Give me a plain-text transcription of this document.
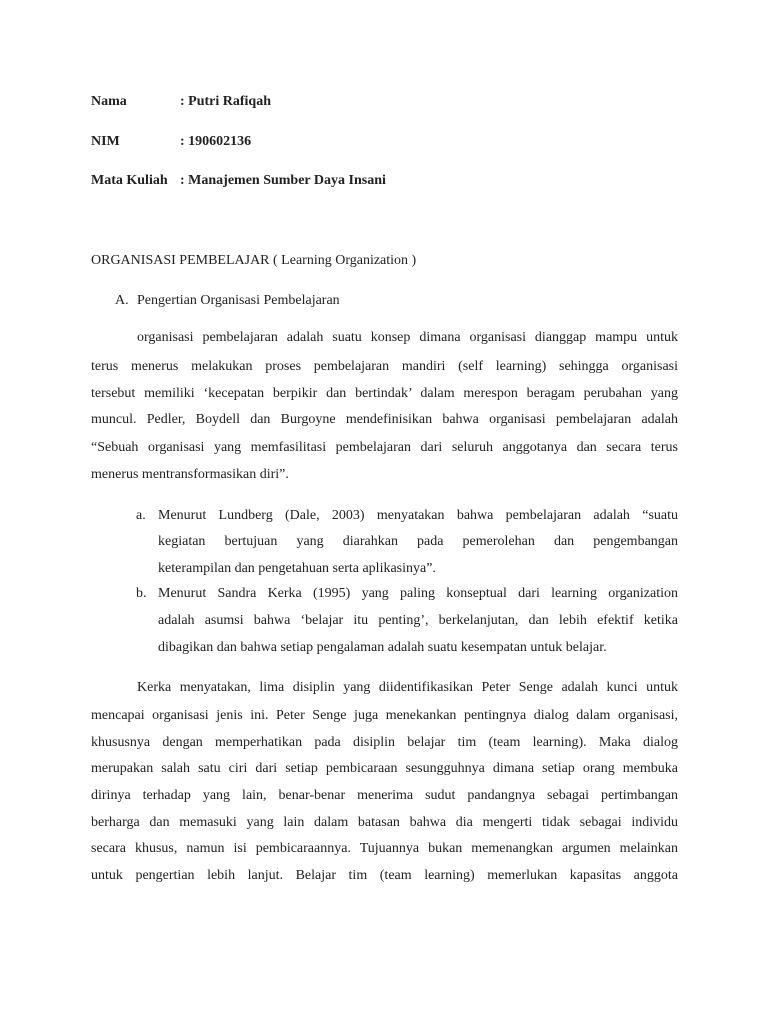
Nama	: Putri Rafiqah
NIM	: 190602136
Mata Kuliah : Manajemen Sumber Daya Insani
ORGANISASI PEMBELAJAR ( Learning Organization )
A. Pengertian Organisasi Pembelajaran
organisasi pembelajaran adalah suatu konsep dimana organisasi dianggap mampu untuk
terus menerus melakukan proses pembelajaran mandiri (self learning) sehingga organisasi
tersebut memiliki ‘kecepatan berpikir dan bertindak’ dalam merespon beragam perubahan yang
muncul. Pedler, Boydell dan Burgoyne mendefinisikan bahwa organisasi pembelajaran adalah
“Sebuah organisasi yang memfasilitasi pembelajaran dari seluruh anggotanya dan secara terus
menerus mentransformasikan diri”.
a. Menurut Lundberg (Dale, 2003) menyatakan bahwa pembelajaran adalah “suatu
kegiatan bertujuan yang diarahkan pada pemerolehan dan pengembangan
keterampilan dan pengetahuan serta aplikasinya”.
b. Menurut Sandra Kerka (1995) yang paling konseptual dari learning organization
adalah asumsi bahwa ‘belajar itu penting’, berkelanjutan, dan lebih efektif ketika
dibagikan dan bahwa setiap pengalaman adalah suatu kesempatan untuk belajar.
Kerka menyatakan, lima disiplin yang diidentifikasikan Peter Senge adalah kunci untuk
mencapai organisasi jenis ini. Peter Senge juga menekankan pentingnya dialog dalam organisasi,
khususnya dengan memperhatikan pada disiplin belajar tim (team learning). Maka dialog
merupakan salah satu ciri dari setiap pembicaraan sesungguhnya dimana setiap orang membuka
dirinya terhadap yang lain, benar-benar menerima sudut pandangnya sebagai pertimbangan
berharga dan memasuki yang lain dalam batasan bahwa dia mengerti tidak sebagai individu
secara khusus, namun isi pembicaraannya. Tujuannya bukan memenangkan argumen melainkan
untuk pengertian lebih lanjut. Belajar tim (team learning) memerlukan kapasitas anggota
